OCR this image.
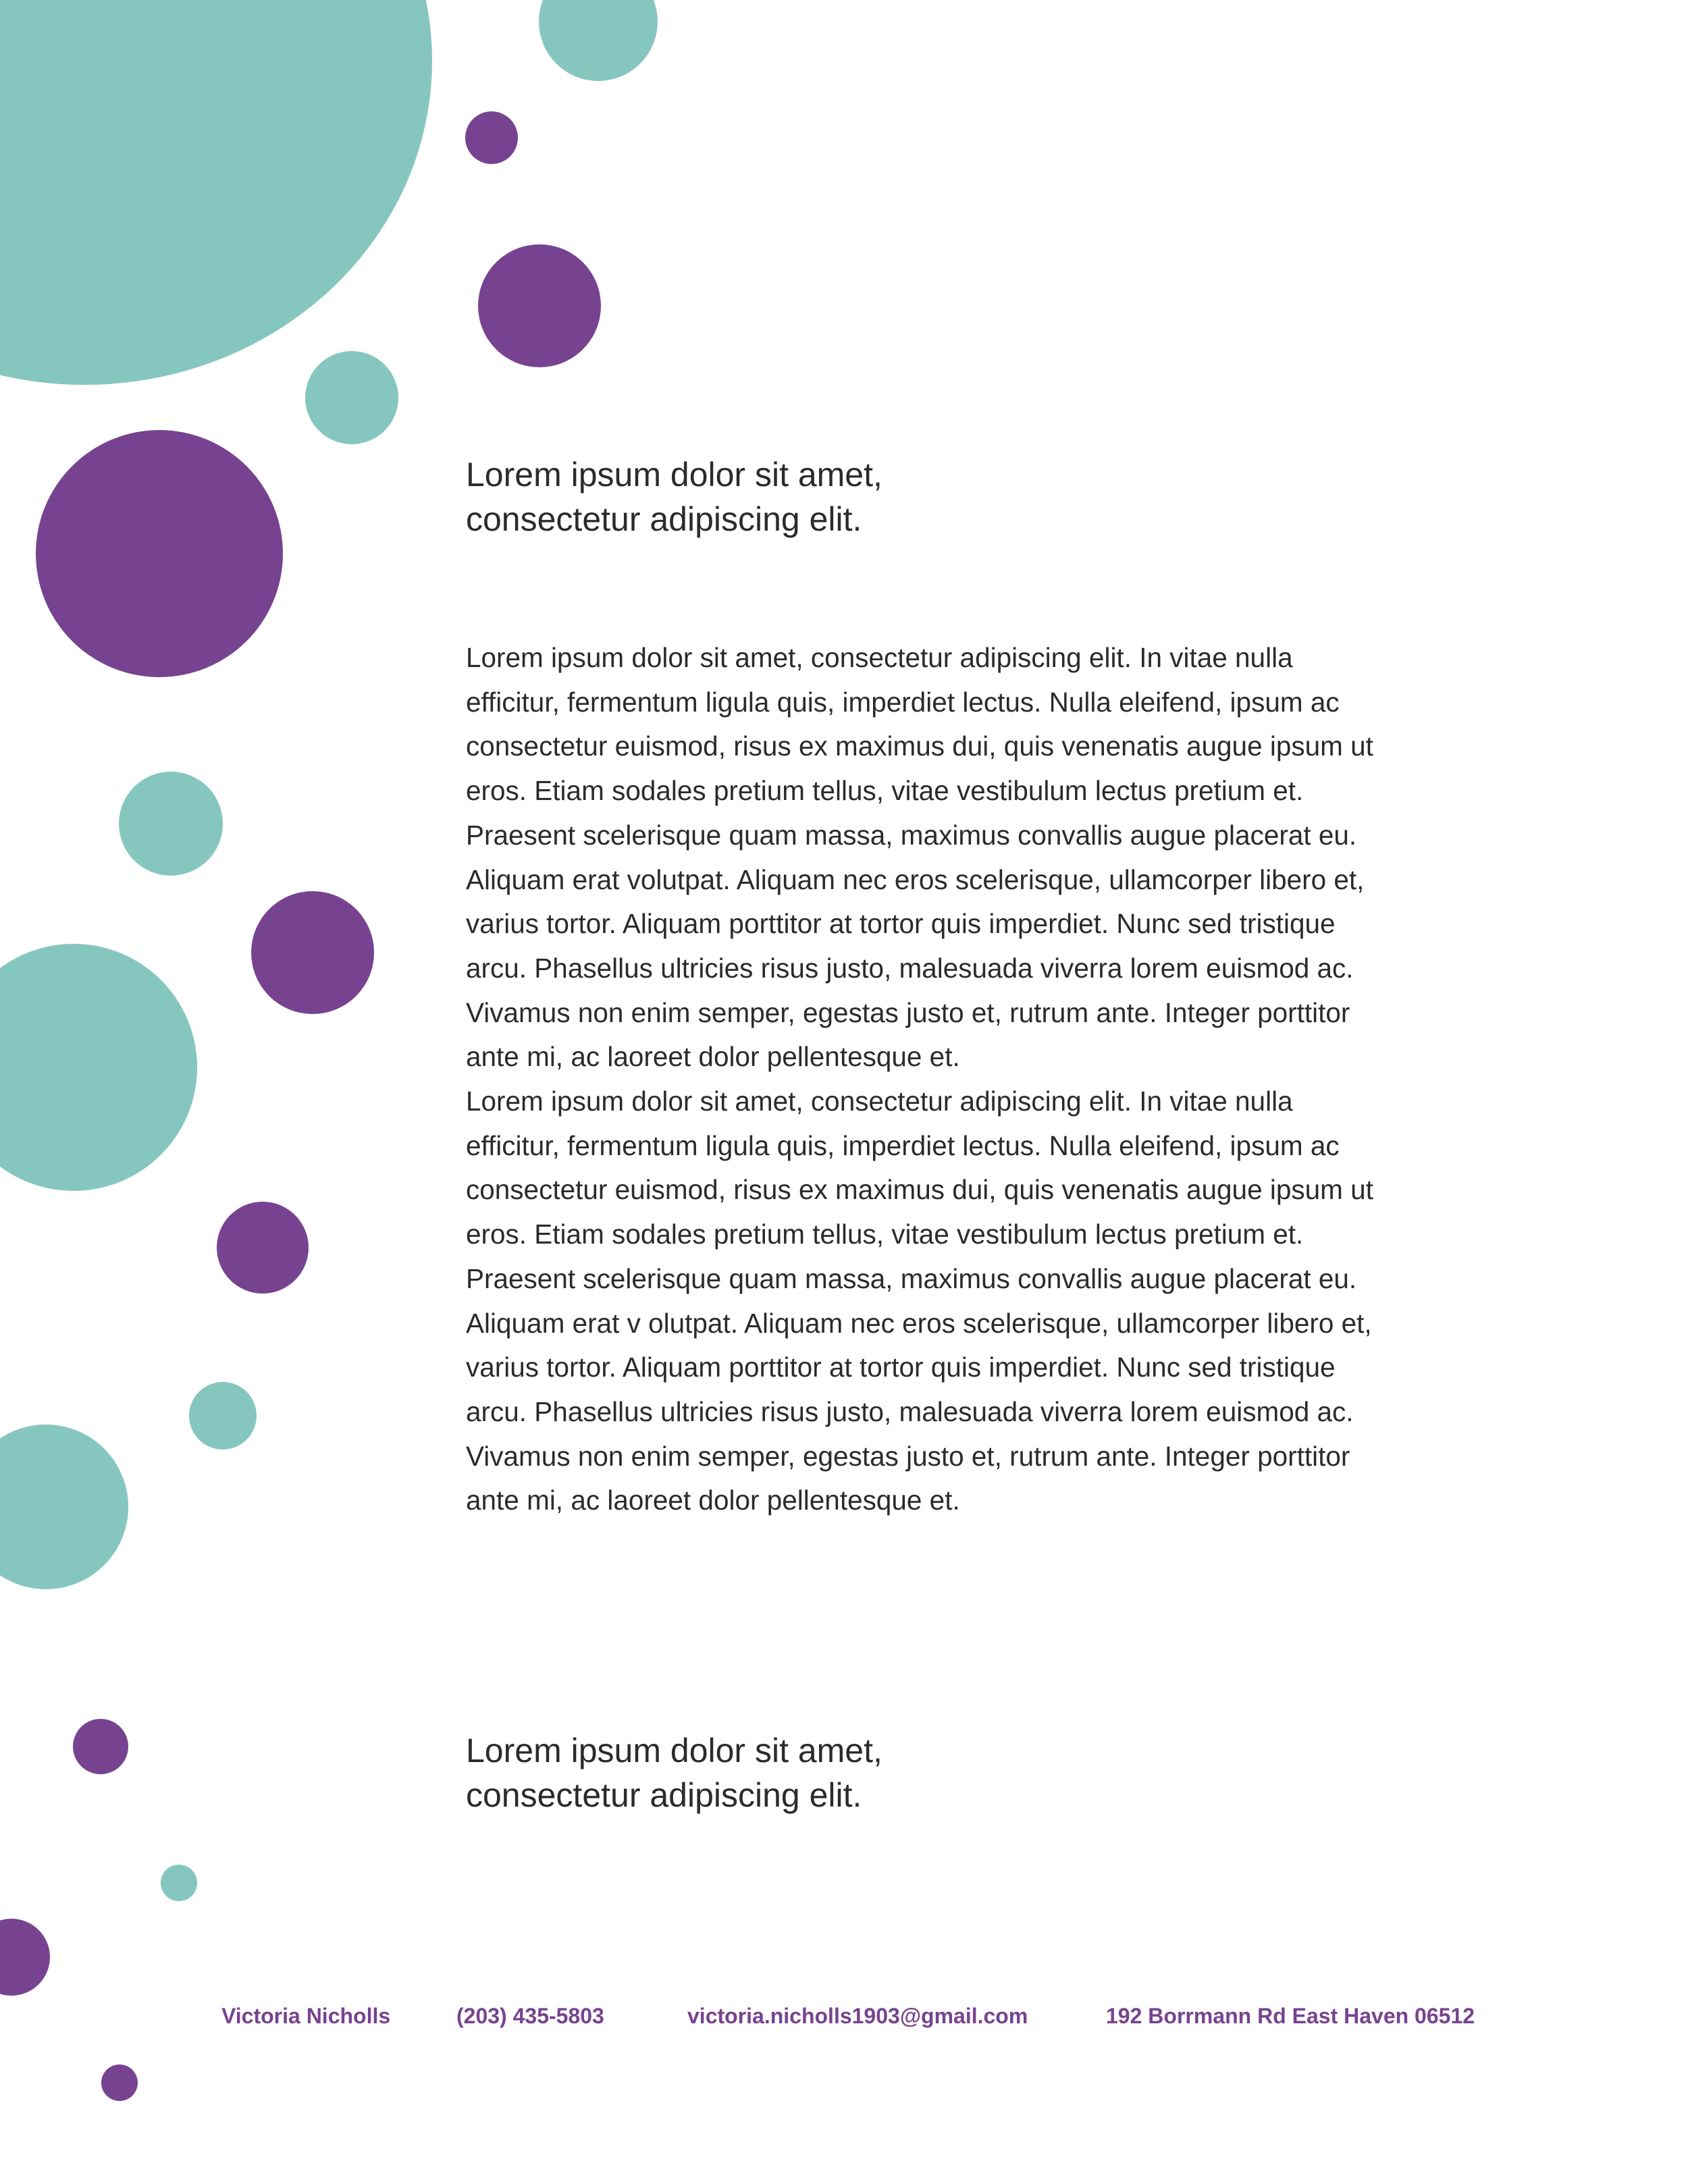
Lorem ipsum dolor sit amet, consectetur adipiscing elit.

Lorem ipsum dolor sit amet, consectetur adipiscing elit. In vitae nulla efficitur, fermentum ligula quis, imperdiet lectus. Nulla eleifend, ipsum ac consectetur euismod, risus ex maximus dui, quis venenatis augue ipsum ut eros. Etiam sodales pretium tellus, vitae vestibulum lectus pretium et. Praesent scelerisque quam massa, maximus convallis augue placerat eu.

Aliquam erat volutpat. Aliquam nec eros scelerisque, ullamcorper libero et, varius tortor. Aliquam porttitor at tortor quis imperdiet. Nunc sed tristique arcu. Phasellus ultricies risus justo, malesuada viverra lorem euismod ac. Vivamus non enim semper, egestas justo et, rutrum ante. Integer porttitor ante mi, ac laoreet dolor pellentesque et.

Lorem ipsum dolor sit amet, consectetur adipiscing elit. In vitae nulla efficitur, fermentum ligula quis, imperdiet lectus. Nulla eleifend, ipsum ac consectetur euismod, risus ex maximus dui, quis venenatis augue ipsum ut eros. Etiam sodales pretium tellus, vitae vestibulum lectus pretium et. Praesent scelerisque quam massa, maximus convallis augue placerat eu. Aliquam erat v olutpat. Aliquam nec eros scelerisque, ullamcorper libero et, varius tortor. Aliquam porttitor at tortor quis imperdiet. Nunc sed tristique arcu. Phasellus ultricies risus justo, malesuada viverra lorem euismod ac. Vivamus non enim semper, egestas justo et, rutrum ante. Integer porttitor ante mi, ac laoreet dolor pellentesque et.

Lorem ipsum dolor sit amet, consectetur adipiscing elit.
Victoria Nicholls	(203) 435-5803	victoria.nicholls1903@gmail.com	192 Borrmann Rd East Haven 06512
